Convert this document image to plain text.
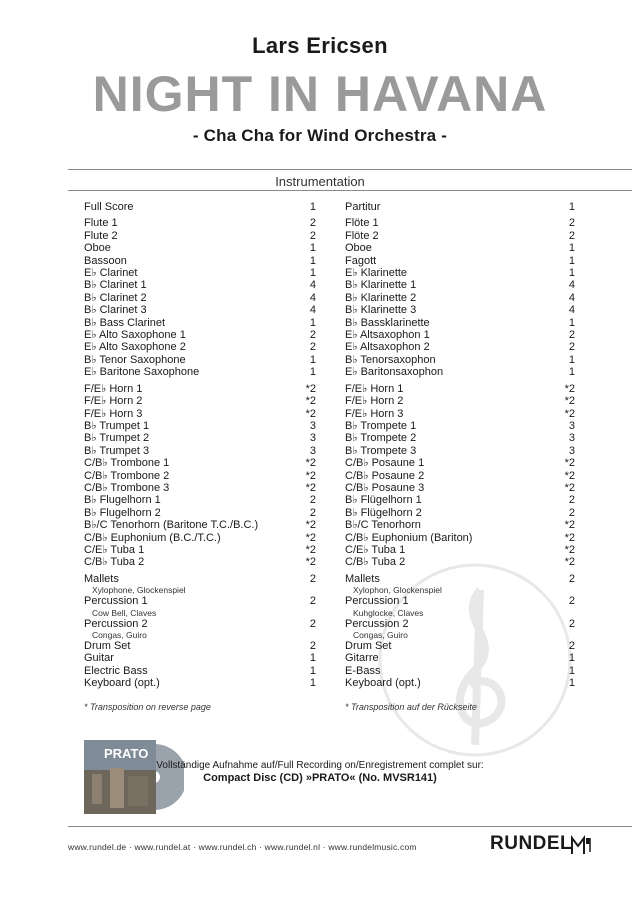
Lars Ericsen
NIGHT IN HAVANA
- Cha Cha for Wind Orchestra -
Instrumentation
Full Score	1
Flute 1	2
Flute 2	2
Oboe	1
Bassoon	1
E♭ Clarinet	1
B♭ Clarinet 1	4
B♭ Clarinet 2	4
B♭ Clarinet 3	4
B♭ Bass Clarinet	1
E♭ Alto Saxophone 1	2
E♭ Alto Saxophone 2	2
B♭ Tenor Saxophone	1
E♭ Baritone Saxophone	1
F/E♭ Horn 1	*2
F/E♭ Horn 2	*2
F/E♭ Horn 3	*2
B♭ Trumpet 1	3
B♭ Trumpet 2	3
B♭ Trumpet 3	3
C/B♭ Trombone 1	*2
C/B♭ Trombone 2	*2
C/B♭ Trombone 3	*2
B♭ Flugelhorn 1	2
B♭ Flugelhorn 2	2
B♭/C Tenorhorn (Baritone T.C./B.C.)	*2
C/B♭ Euphonium (B.C./T.C.)	*2
C/E♭ Tuba 1	*2
C/B♭ Tuba 2	*2
Mallets	2
Xylophone, Glockenspiel
Percussion 1	2
Cow Bell, Claves
Percussion 2	2
Congas, Guiro
Drum Set	2
Guitar	1
Electric Bass	1
Keyboard (opt.)	1
* Transposition on reverse page
Partitur	1
Flöte 1	2
Flöte 2	2
Oboe	1
Fagott	1
E♭ Klarinette	1
B♭ Klarinette 1	4
B♭ Klarinette 2	4
B♭ Klarinette 3	4
B♭ Bassklarinette	1
E♭ Altsaxophon 1	2
E♭ Altsaxophon 2	2
B♭ Tenorsaxophon	1
E♭ Baritonsaxophon	1
F/E♭ Horn 1	*2
F/E♭ Horn 2	*2
F/E♭ Horn 3	*2
B♭ Trompete 1	3
B♭ Trompete 2	3
B♭ Trompete 3	3
C/B♭ Posaune 1	*2
C/B♭ Posaune 2	*2
C/B♭ Posaune 3	*2
B♭ Flügelhorn 1	2
B♭ Flügelhorn 2	2
B♭/C Tenorhorn	*2
C/B♭ Euphonium (Bariton)	*2
C/E♭ Tuba 1	*2
C/B♭ Tuba 2	*2
Mallets	2
Xylophon, Glockenspiel
Percussion 1	2
Kuhglocke, Claves
Percussion 2	2
Congas, Guiro
Drum Set	2
Gitarre	1
E-Bass	1
Keyboard (opt.)	1
* Transposition auf der Rückseite
PRATO
Vollständige Aufnahme auf/Full Recording on/Enregistrement complet sur:
Compact Disc (CD) »PRATO« (No. MVSR141)
www.rundel.de · www.rundel.at · www.rundel.ch · www.rundel.nl · www.rundelmusic.com	RUNDEL
